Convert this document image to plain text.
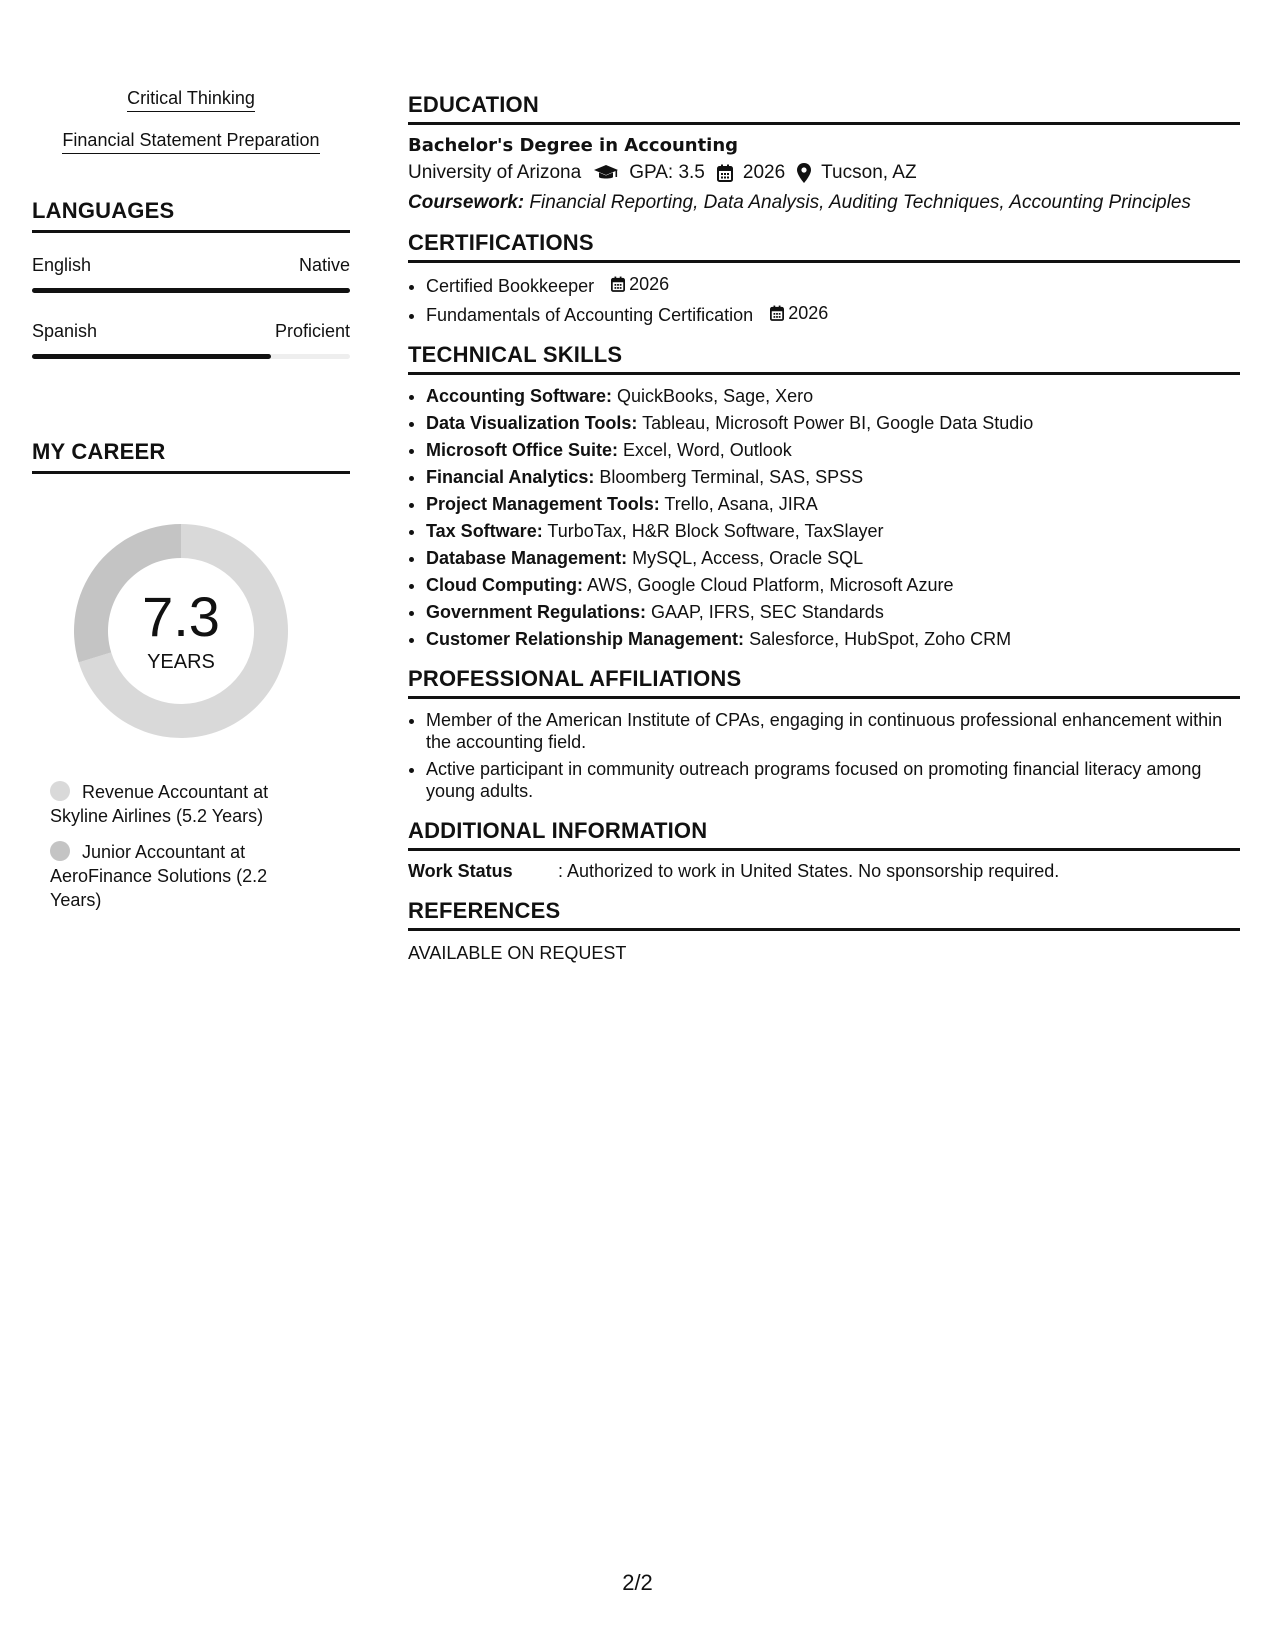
Critical Thinking
Financial Statement Preparation
LANGUAGES
English	Native
Spanish	Proficient
MY CAREER
7.3
YEARS
Revenue Accountant at Skyline Airlines (5.2 Years)
Junior Accountant at AeroFinance Solutions (2.2 Years)
EDUCATION
Bachelor's Degree in Accounting
University of Arizona	GPA: 3.5 2026 Tucson, AZ
Coursework: Financial Reporting, Data Analysis, Auditing Techniques, Accounting Principles
CERTIFICATIONS
• Certified Bookkeeper 2026
• Fundamentals of Accounting Certification 2026
TECHNICAL SKILLS
• Accounting Software: QuickBooks, Sage, Xero
• Data Visualization Tools: Tableau, Microsoft Power BI, Google Data Studio
• Microsoft Office Suite: Excel, Word, Outlook
• Financial Analytics: Bloomberg Terminal, SAS, SPSS
• Project Management Tools: Trello, Asana, JIRA
• Tax Software: TurboTax, H&R Block Software, TaxSlayer
• Database Management: MySQL, Access, Oracle SQL
• Cloud Computing: AWS, Google Cloud Platform, Microsoft Azure
• Government Regulations: GAAP, IFRS, SEC Standards
• Customer Relationship Management: Salesforce, HubSpot, Zoho CRM
PROFESSIONAL AFFILIATIONS
• Member of the American Institute of CPAs, engaging in continuous professional enhancement within the accounting field.
• Active participant in community outreach programs focused on promoting financial literacy among young adults.
ADDITIONAL INFORMATION
Work Status	: Authorized to work in United States. No sponsorship required.
REFERENCES
AVAILABLE ON REQUEST
2/2
